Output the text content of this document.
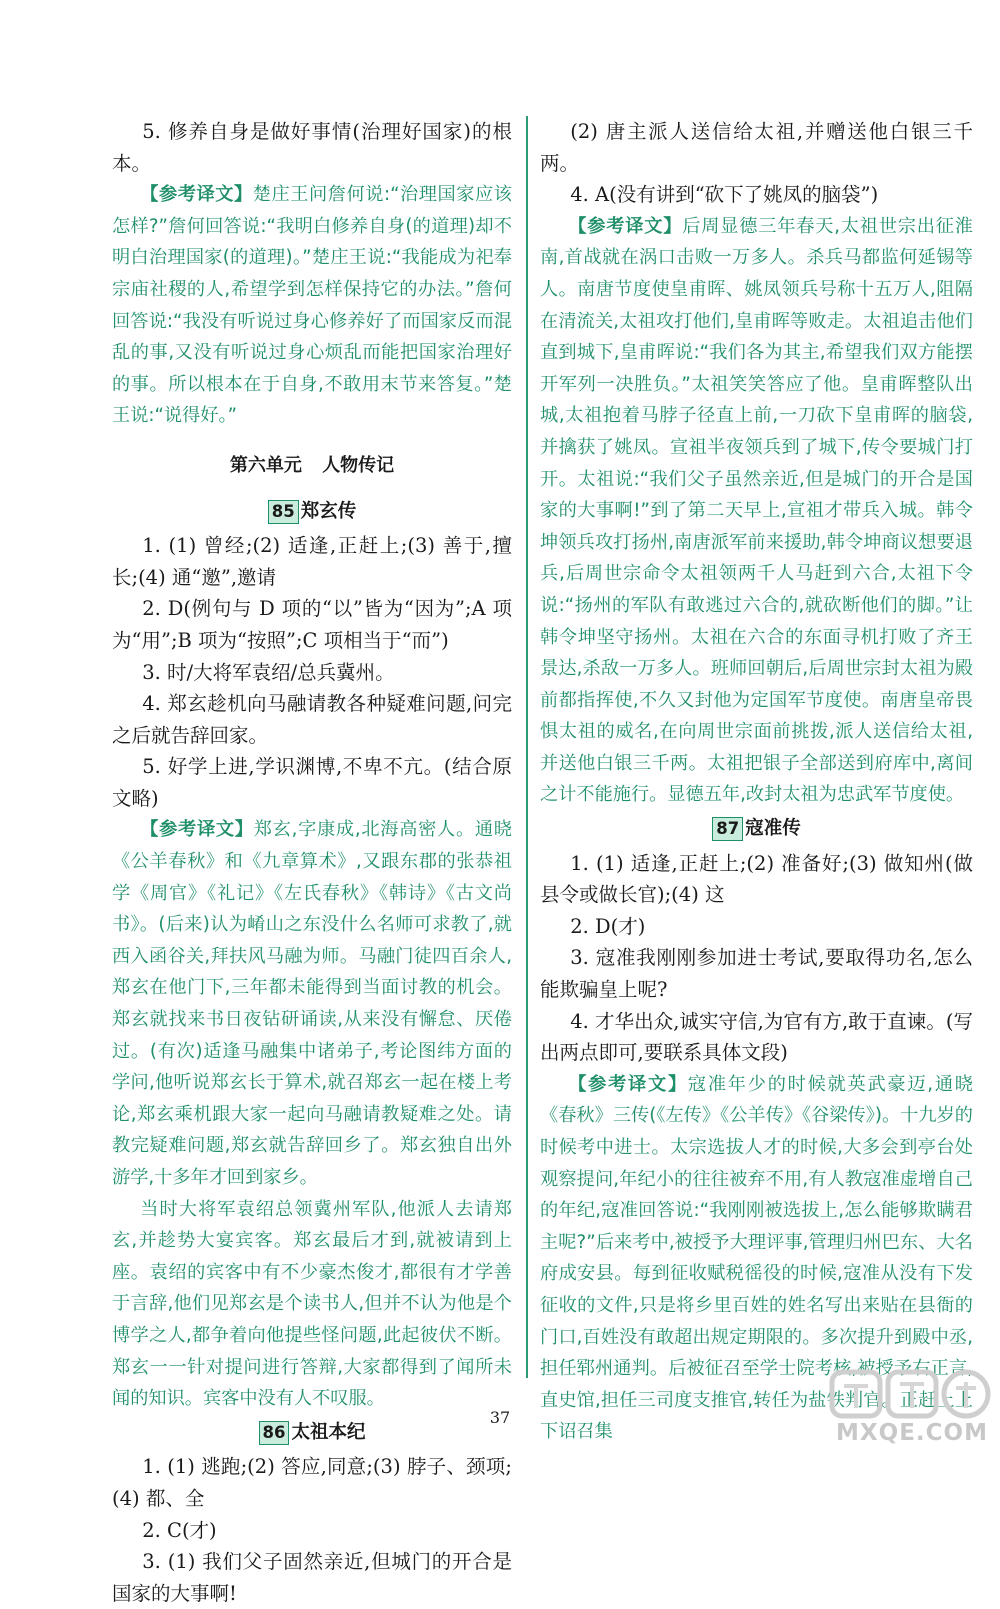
5. 修养自身是做好事情(治理好国家)的根本。

【参考译文】楚庄王问詹何说:“治理国家应该怎样?”詹何回答说:“我明白修养自身(的道理)却不明白治理国家(的道理)。”楚庄王说:“我能成为祀奉宗庙社稷的人,希望学到怎样保持它的办法。”詹何回答说:“我没有听说过身心修养好了而国家反而混乱的事,又没有听说过身心烦乱而能把国家治理好的事。所以根本在于自身,不敢用末节来答复。”楚王说:“说得好。”

第六单元 人物传记
85 郑玄传

1. (1) 曾经;(2) 适逢,正赶上;(3) 善于,擅长;(4) 通“邀”,邀请

2. D(例句与 D 项的“以”皆为“因为”;A 项为“用”;B 项为“按照”;C 项相当于“而”)

3. 时/大将军袁绍/总兵冀州。

4. 郑玄趁机向马融请教各种疑难问题,问完之后就告辞回家。

5. 好学上进,学识渊博,不卑不亢。(结合原文略)

【参考译文】郑玄,字康成,北海高密人。通晓《公羊春秋》和《九章算术》,又跟东郡的张恭祖学《周官》《礼记》《左氏春秋》《韩诗》《古文尚书》。(后来)认为崤山之东没什么名师可求教了,就西入函谷关,拜扶风马融为师。马融门徒四百余人,郑玄在他门下,三年都未能得到当面讨教的机会。郑玄就找来书日夜钻研诵读,从来没有懈怠、厌倦过。(有次)适逢马融集中诸弟子,考论图纬方面的学问,他听说郑玄长于算术,就召郑玄一起在楼上考论,郑玄乘机跟大家一起向马融请教疑难之处。请教完疑难问题,郑玄就告辞回乡了。郑玄独自出外游学,十多年才回到家乡。

当时大将军袁绍总领冀州军队,他派人去请郑玄,并趁势大宴宾客。郑玄最后才到,就被请到上座。袁绍的宾客中有不少豪杰俊才,都很有才学善于言辞,他们见郑玄是个读书人,但并不认为他是个博学之人,都争着向他提些怪问题,此起彼伏不断。郑玄一一针对提问进行答辩,大家都得到了闻所未闻的知识。宾客中没有人不叹服。

86 太祖本纪

1. (1) 逃跑;(2) 答应,同意;(3) 脖子、颈项;(4) 都、全

2. C(才)

3. (1) 我们父子固然亲近,但城门的开合是国家的大事啊!

(2) 唐主派人送信给太祖,并赠送他白银三千两。

4. A(没有讲到“砍下了姚凤的脑袋”)

【参考译文】后周显德三年春天,太祖世宗出征淮南,首战就在涡口击败一万多人。杀兵马都监何延锡等人。南唐节度使皇甫晖、姚凤领兵号称十五万人,阻隔在清流关,太祖攻打他们,皇甫晖等败走。太祖追击他们直到城下,皇甫晖说:“我们各为其主,希望我们双方能摆开军列一决胜负。”太祖笑笑答应了他。皇甫晖整队出城,太祖抱着马脖子径直上前,一刀砍下皇甫晖的脑袋,并擒获了姚凤。宣祖半夜领兵到了城下,传令要城门打开。太祖说:“我们父子虽然亲近,但是城门的开合是国家的大事啊!”到了第二天早上,宣祖才带兵入城。韩令坤领兵攻打扬州,南唐派军前来援助,韩令坤商议想要退兵,后周世宗命令太祖领两千人马赶到六合,太祖下令说:“扬州的军队有敢逃过六合的,就砍断他们的脚。”让韩令坤坚守扬州。太祖在六合的东面寻机打败了齐王景达,杀敌一万多人。班师回朝后,后周世宗封太祖为殿前都指挥使,不久又封他为定国军节度使。南唐皇帝畏惧太祖的威名,在向周世宗面前挑拨,派人送信给太祖,并送他白银三千两。太祖把银子全部送到府库中,离间之计不能施行。显德五年,改封太祖为忠武军节度使。

87 寇准传

1. (1) 适逢,正赶上;(2) 准备好;(3) 做知州(做县令或做长官);(4) 这

2. D(才)

3. 寇准我刚刚参加进士考试,要取得功名,怎么能欺骗皇上呢?

4. 才华出众,诚实守信,为官有方,敢于直谏。(写出两点即可,要联系具体文段)

【参考译文】寇准年少的时候就英武豪迈,通晓《春秋》三传(《左传》《公羊传》《谷梁传》)。十九岁的时候考中进士。太宗选拔人才的时候,大多会到亭台处观察提问,年纪小的往往被弃不用,有人教寇准虚增自己的年纪,寇准回答说:“我刚刚被选拔上,怎么能够欺瞒君主呢?”后来考中,被授予大理评事,管理归州巴东、大名府成安县。每到征收赋税徭役的时候,寇准从没有下发征收的文件,只是将乡里百姓的姓名写出来贴在县衙的门口,百姓没有敢超出规定期限的。多次提升到殿中丞,担任郓州通判。后被征召至学士院考核,被授予右正言,直史馆,担任三司度支推官,转任为盐铁判官。正赶上上下诏召集

37
MXQE.COM
